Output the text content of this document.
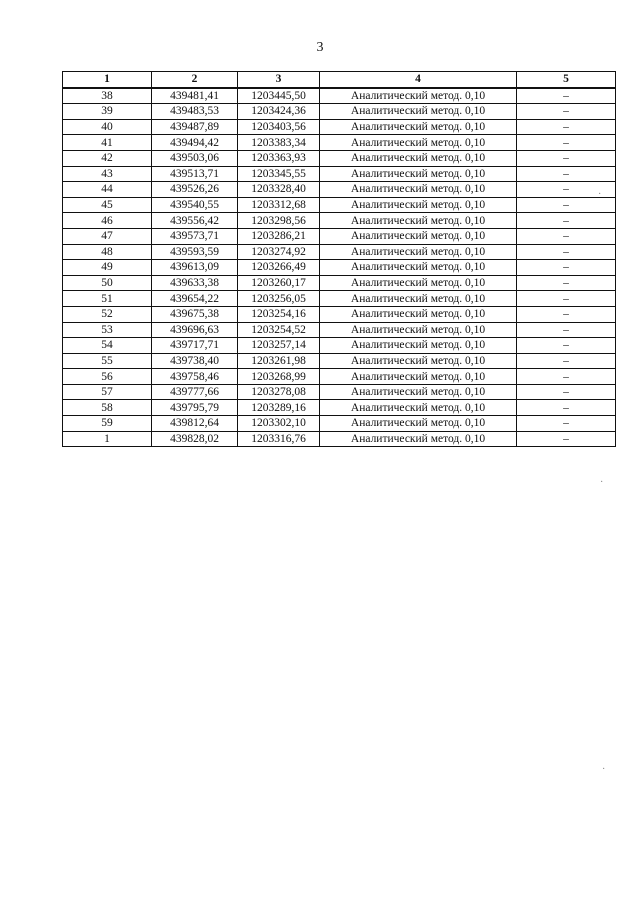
3
1	2	3	4	5
38	439481,41	1203445,50	Аналитический метод. 0,10	–
39	439483,53	1203424,36	Аналитический метод. 0,10	–
40	439487,89	1203403,56	Аналитический метод. 0,10	–
41	439494,42	1203383,34	Аналитический метод. 0,10	–
42	439503,06	1203363,93	Аналитический метод. 0,10	–
43	439513,71	1203345,55	Аналитический метод. 0,10	–
44	439526,26	1203328,40	Аналитический метод. 0,10	–
45	439540,55	1203312,68	Аналитический метод. 0,10	–
46	439556,42	1203298,56	Аналитический метод. 0,10	–
47	439573,71	1203286,21	Аналитический метод. 0,10	–
48	439593,59	1203274,92	Аналитический метод. 0,10	–
49	439613,09	1203266,49	Аналитический метод. 0,10	–
50	439633,38	1203260,17	Аналитический метод. 0,10	–
51	439654,22	1203256,05	Аналитический метод. 0,10	–
52	439675,38	1203254,16	Аналитический метод. 0,10	–
53	439696,63	1203254,52	Аналитический метод. 0,10	–
54	439717,71	1203257,14	Аналитический метод. 0,10	–
55	439738,40	1203261,98	Аналитический метод. 0,10	–
56	439758,46	1203268,99	Аналитический метод. 0,10	–
57	439777,66	1203278,08	Аналитический метод. 0,10	–
58	439795,79	1203289,16	Аналитический метод. 0,10	–
59	439812,64	1203302,10	Аналитический метод. 0,10	–
1	439828,02	1203316,76	Аналитический метод. 0,10	–
·
·
·
